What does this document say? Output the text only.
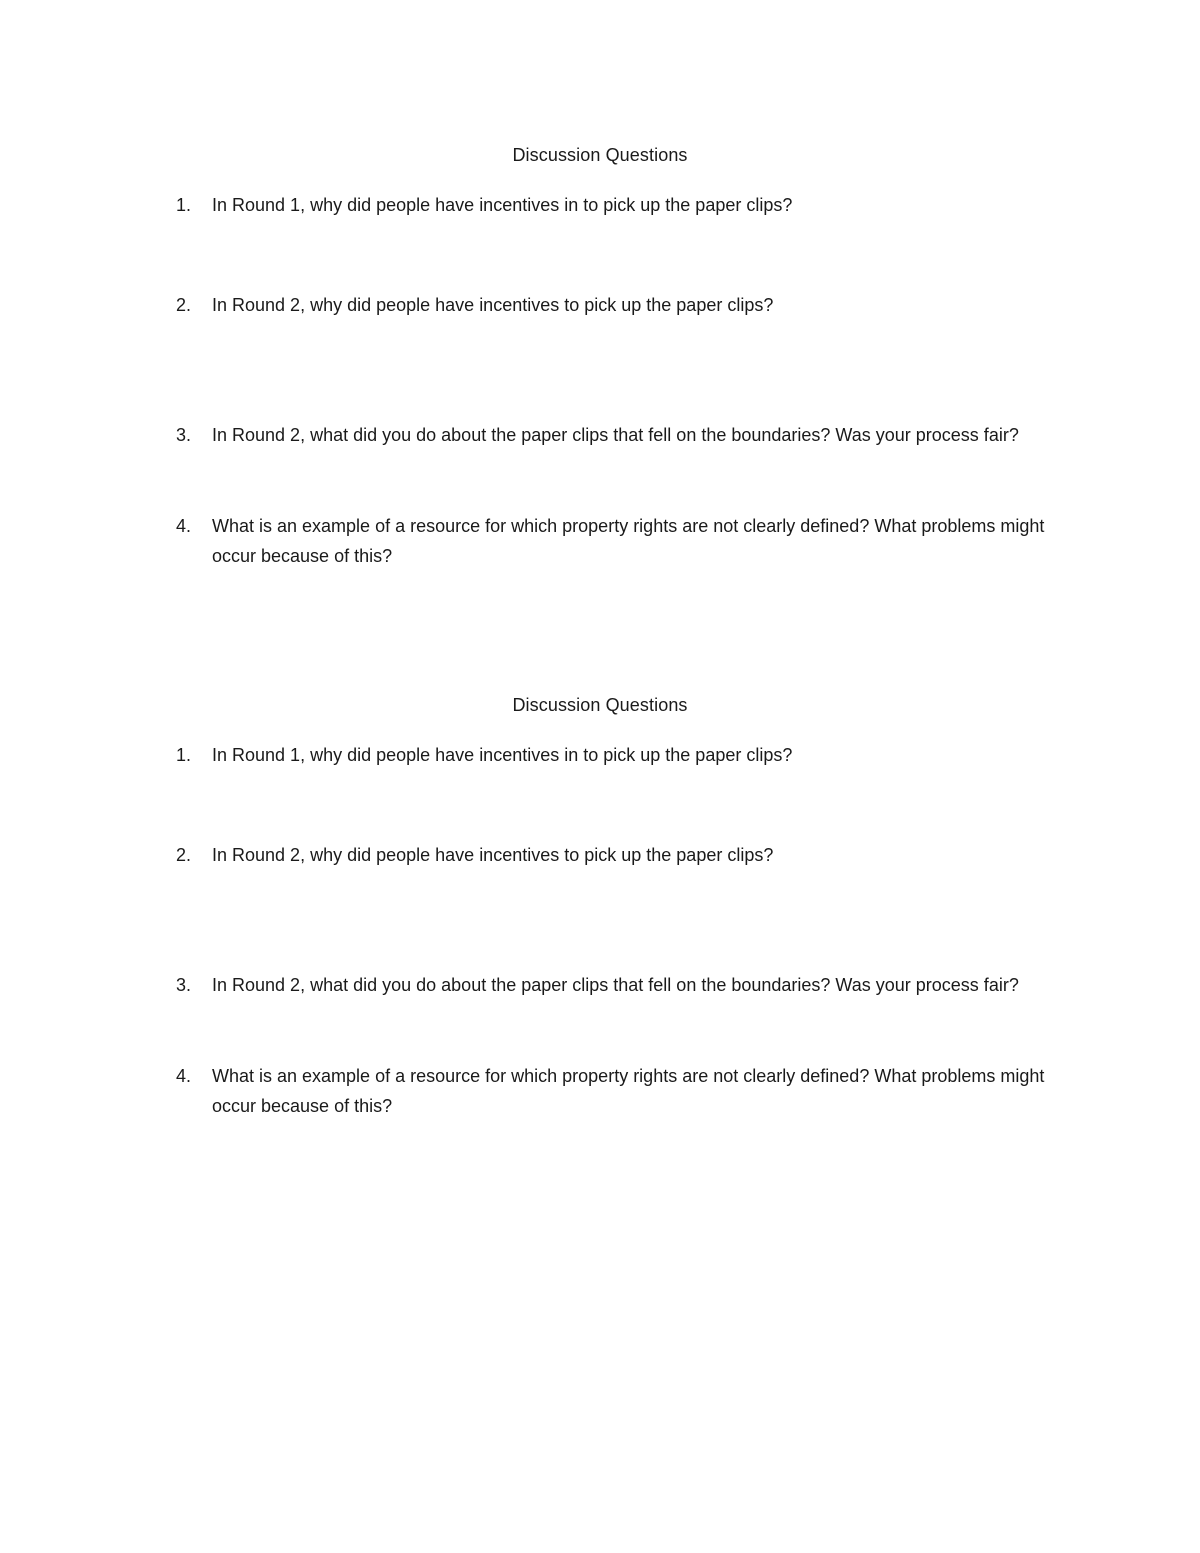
Discussion Questions
1.	In Round 1, why did people have incentives in to pick up the paper clips?
2.	In Round 2, why did people have incentives to pick up the paper clips?
3.	In Round 2, what did you do about the paper clips that fell on the boundaries? Was your process fair?
4.	What is an example of a resource for which property rights are not clearly defined? What problems might occur because of this?
Discussion Questions
1.	In Round 1, why did people have incentives in to pick up the paper clips?
2.	In Round 2, why did people have incentives to pick up the paper clips?
3.	In Round 2, what did you do about the paper clips that fell on the boundaries? Was your process fair?
4.	What is an example of a resource for which property rights are not clearly defined? What problems might occur because of this?
